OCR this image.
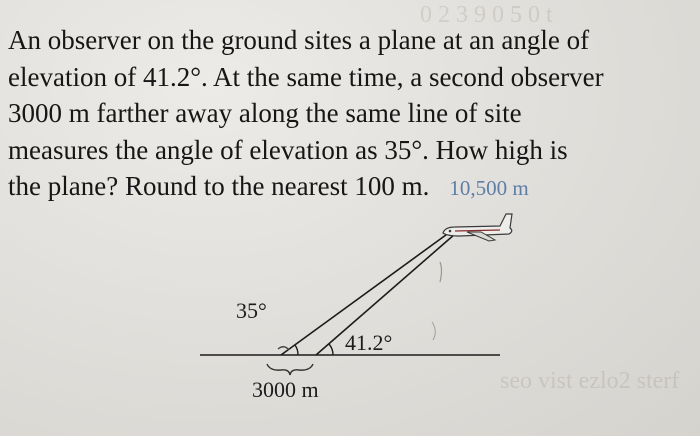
0 2 3 9 0 5 0 t
seo vist ezlo2 sterf
An observer on the ground sites a plane at an angle of
elevation of 41.2°. At the same time, a second observer
3000 m farther away along the same line of site
measures the angle of elevation as 35°. How high is
the plane? Round to the nearest 100 m. 10,500 m
35°
41.2°
3000 m
